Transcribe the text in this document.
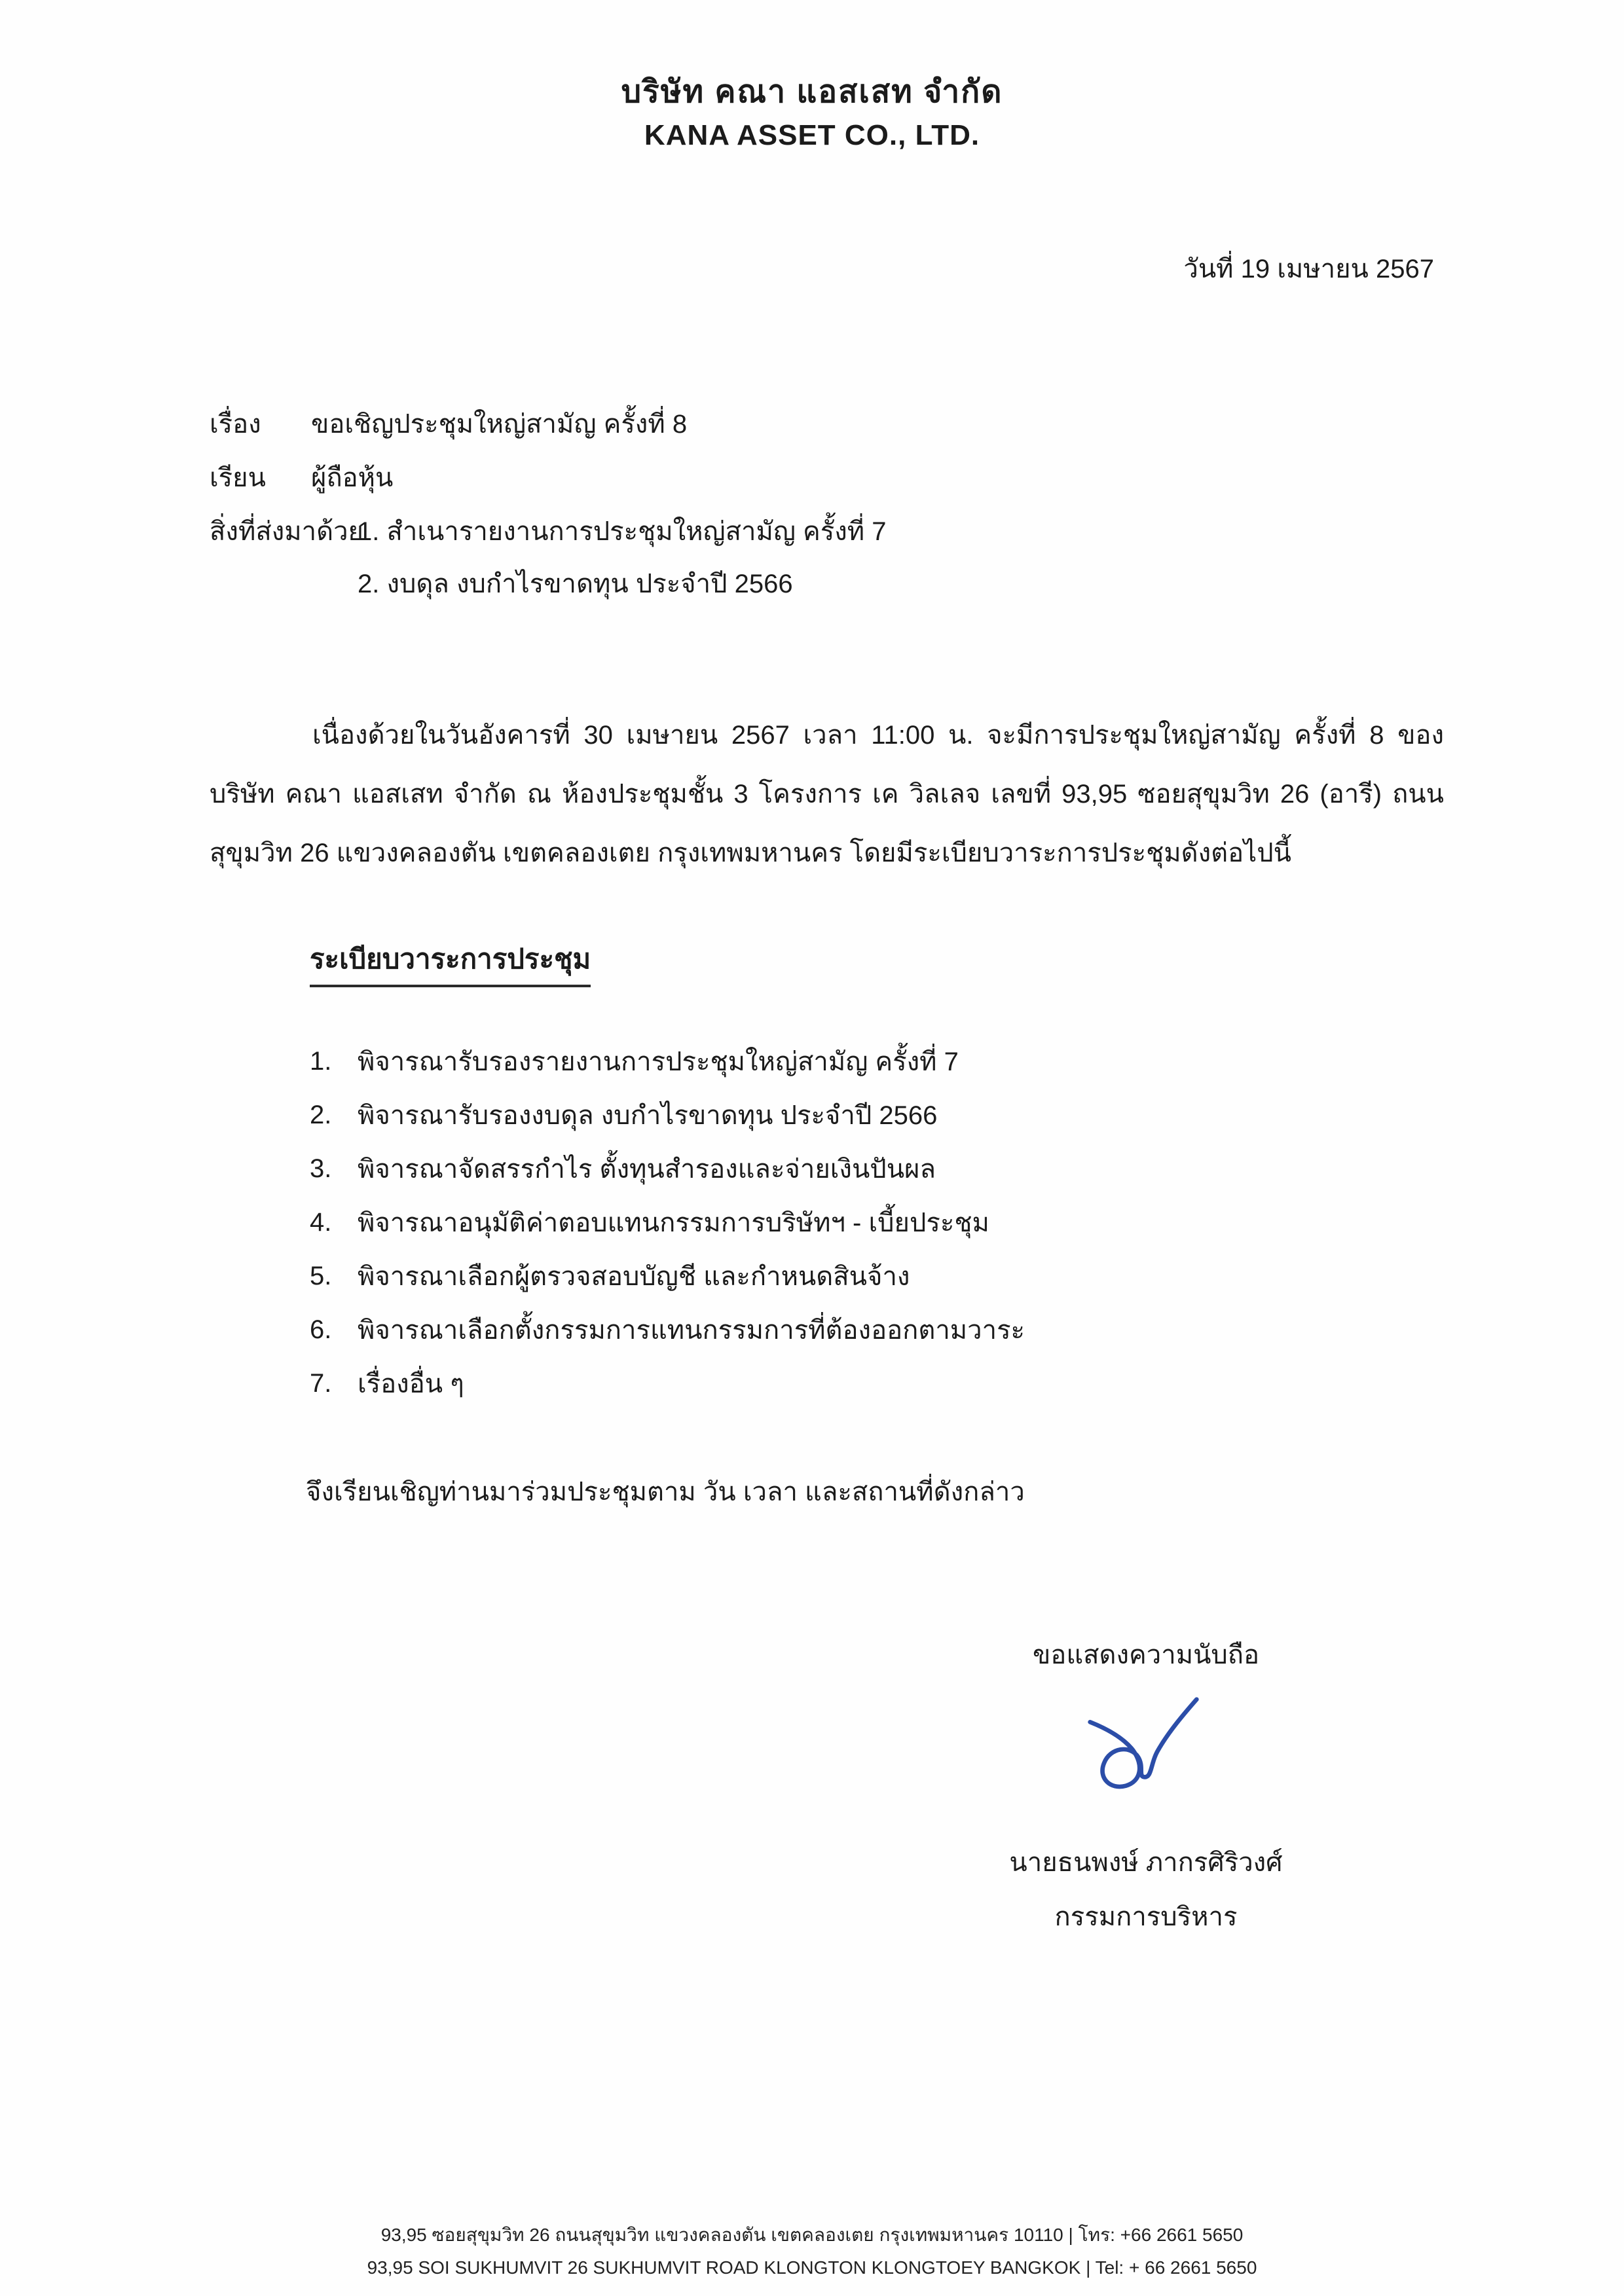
บริษัท คณา แอสเสท จำกัด
KANA ASSET CO., LTD.
วันที่ 19 เมษายน 2567
เรื่อง ขอเชิญประชุมใหญ่สามัญ ครั้งที่ 8
เรียน ผู้ถือหุ้น
สิ่งที่ส่งมาด้วย
1. สำเนารายงานการประชุมใหญ่สามัญ ครั้งที่ 7
2. งบดุล งบกำไรขาดทุน ประจำปี 2566
เนื่องด้วยในวันอังคารที่ 30 เมษายน 2567 เวลา 11:00 น. จะมีการประชุมใหญ่สามัญ ครั้งที่ 8 ของบริษัท คณา แอสเสท จำกัด ณ ห้องประชุมชั้น 3 โครงการ เค วิลเลจ เลขที่ 93,95 ซอยสุขุมวิท 26 (อารี) ถนนสุขุมวิท 26 แขวงคลองตัน เขตคลองเตย กรุงเทพมหานคร โดยมีระเบียบวาระการประชุมดังต่อไปนี้
ระเบียบวาระการประชุม
1. พิจารณารับรองรายงานการประชุมใหญ่สามัญ ครั้งที่ 7
2. พิจารณารับรองงบดุล งบกำไรขาดทุน ประจำปี 2566
3. พิจารณาจัดสรรกำไร ตั้งทุนสำรองและจ่ายเงินปันผล
4. พิจารณาอนุมัติค่าตอบแทนกรรมการบริษัทฯ - เบี้ยประชุม
5. พิจารณาเลือกผู้ตรวจสอบบัญชี และกำหนดสินจ้าง
6. พิจารณาเลือกตั้งกรรมการแทนกรรมการที่ต้องออกตามวาระ
7. เรื่องอื่น ๆ
จึงเรียนเชิญท่านมาร่วมประชุมตาม วัน เวลา และสถานที่ดังกล่าว
ขอแสดงความนับถือ
นายธนพงษ์ ภากรศิริวงศ์
กรรมการบริหาร
93,95 ซอยสุขุมวิท 26 ถนนสุขุมวิท แขวงคลองตัน เขตคลองเตย กรุงเทพมหานคร 10110 | โทร: +66 2661 5650
93,95 SOI SUKHUMVIT 26 SUKHUMVIT ROAD KLONGTON KLONGTOEY BANGKOK | Tel: + 66 2661 5650
